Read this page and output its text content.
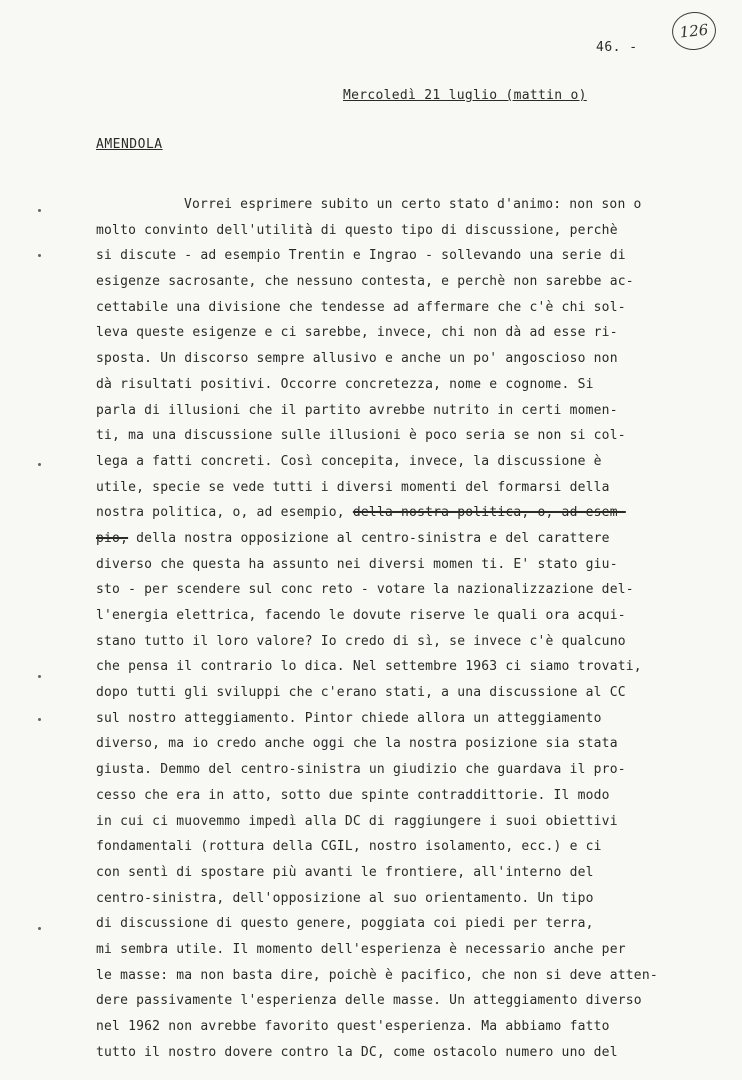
126
46. -
Mercoledì 21 luglio (mattin o)
AMENDOLA
Vorrei esprimere subito un certo stato d'animo: non son o
molto convinto dell'utilità di questo tipo di discussione, perchè
si discute - ad esempio Trentin e Ingrao - sollevando una serie di
esigenze sacrosante, che nessuno contesta, e perchè non sarebbe ac-
cettabile una divisione che tendesse ad affermare che c'è chi sol-
leva queste esigenze e ci sarebbe, invece, chi non dà ad esse ri-
sposta. Un discorso sempre allusivo e anche un po' angoscioso non
dà risultati positivi. Occorre concretezza, nome e cognome. Si
parla di illusioni che il partito avrebbe nutrito in certi momen-
ti, ma una discussione sulle illusioni è poco seria se non si col-
lega a fatti concreti. Così concepita, invece, la discussione è
utile, specie se vede tutti i diversi momenti del formarsi della
nostra politica, o, ad esempio, della nostra politica, o, ad esem-
pio, della nostra opposizione al centro-sinistra e del carattere
diverso che questa ha assunto nei diversi momen ti. E' stato giu-
sto - per scendere sul conc reto - votare la nazionalizzazione del-
l'energia elettrica, facendo le dovute riserve le quali ora acqui-
stano tutto il loro valore? Io credo di sì, se invece c'è qualcuno
che pensa il contrario lo dica. Nel settembre 1963 ci siamo trovati,
dopo tutti gli sviluppi che c'erano stati, a una discussione al CC
sul nostro atteggiamento. Pintor chiede allora un atteggiamento
diverso, ma io credo anche oggi che la nostra posizione sia stata
giusta. Demmo del centro-sinistra un giudizio che guardava il pro-
cesso che era in atto, sotto due spinte contraddittorie. Il modo
in cui ci muovemmo impedì alla DC di raggiungere i suoi obiettivi
fondamentali (rottura della CGIL, nostro isolamento, ecc.) e ci
con sentì di spostare più avanti le frontiere, all'interno del
centro-sinistra, dell'opposizione al suo orientamento. Un tipo
di discussione di questo genere, poggiata coi piedi per terra,
mi sembra utile. Il momento dell'esperienza è necessario anche per
le masse: ma non basta dire, poichè è pacifico, che non si deve atten-
dere passivamente l'esperienza delle masse. Un atteggiamento diverso
nel 1962 non avrebbe favorito quest'esperienza. Ma abbiamo fatto
tutto il nostro dovere contro la DC, come ostacolo numero uno del
